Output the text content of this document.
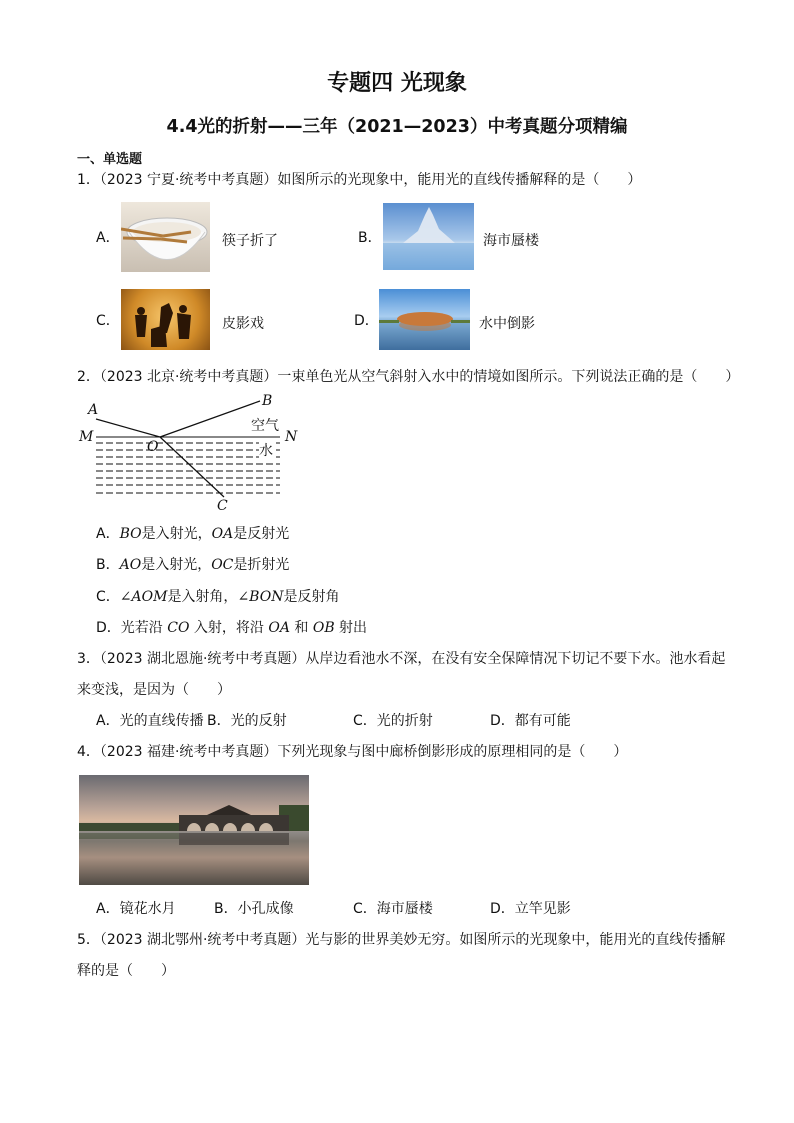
专题四 光现象
4.4光的折射——三年（2021—2023）中考真题分项精编
一、单选题
1．（2023 宁夏·统考中考真题）如图所示的光现象中，能用光的直线传播解释的是（　　）
A．	筷子折了	B．	海市蜃楼
C．	皮影戏	D．	水中倒影
2．（2023 北京·统考中考真题）一束单色光从空气斜射入水中的情境如图所示。下列说法正确的是（　　）
A
B
M	N
O
C
空气
水
A．BO是入射光，OA是反射光
B．AO是入射光，OC是折射光
C．∠AOM是入射角，∠BON是反射角
D．光若沿 CO 入射，将沿 OA 和 OB 射出
3．（2023 湖北恩施·统考中考真题）从岸边看池水不深，在没有安全保障情况下切记不要下水。池水看起
来变浅，是因为（　　）
A．光的直线传播 B．光的反射	C．光的折射	D．都有可能
4．（2023 福建·统考中考真题）下列光现象与图中廊桥倒影形成的原理相同的是（　　）
A．镜花水月	B．小孔成像	C．海市蜃楼	D．立竿见影
5．（2023 湖北鄂州·统考中考真题）光与影的世界美妙无穷。如图所示的光现象中，能用光的直线传播解
释的是（　　）
